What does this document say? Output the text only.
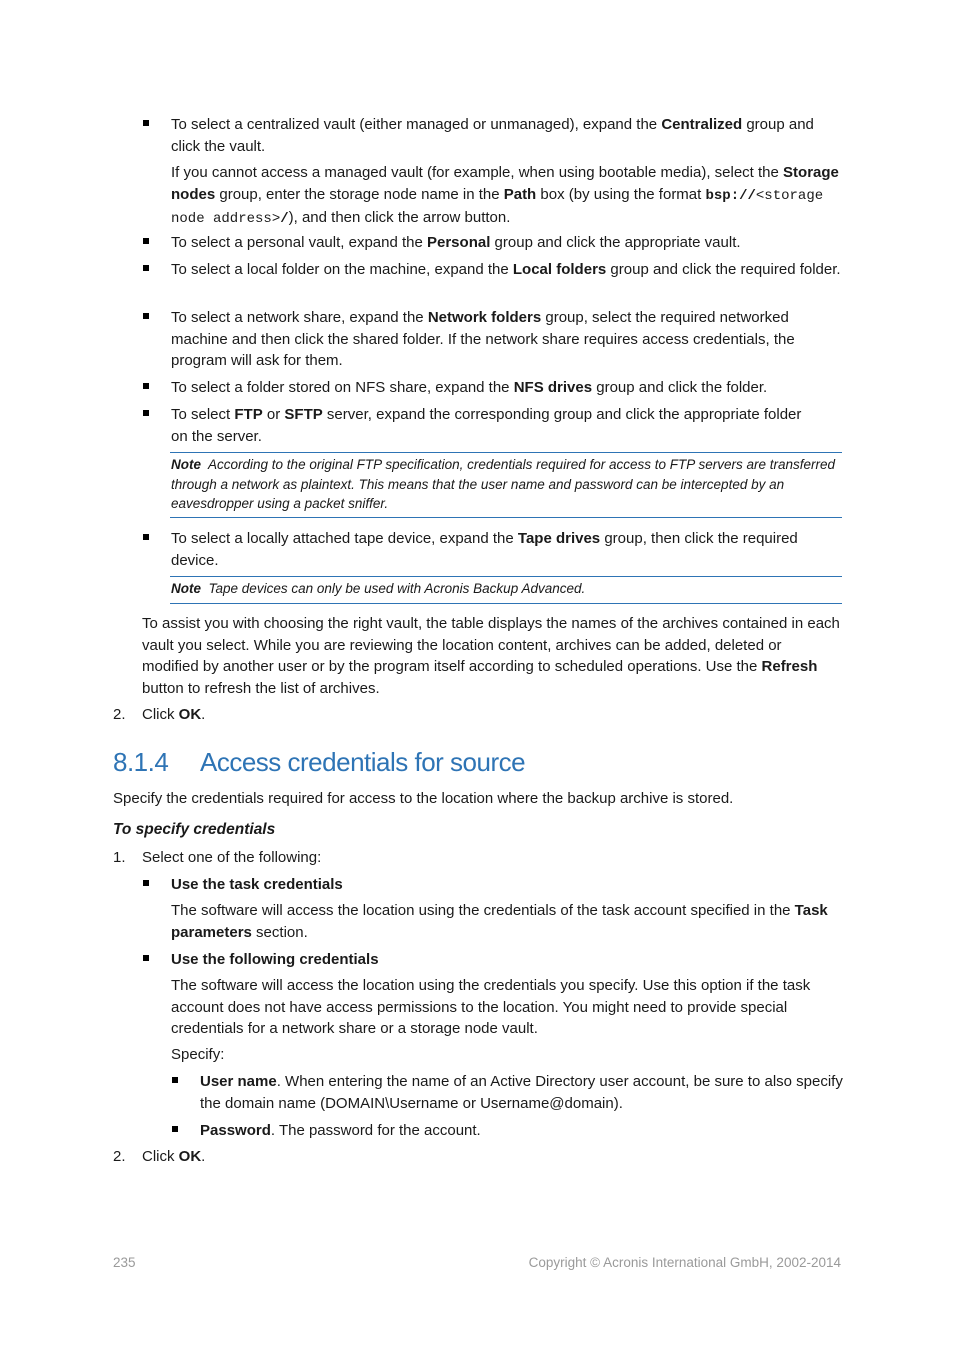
To select a centralized vault (either managed or unmanaged), expand the Centralized group and click the vault.

If you cannot access a managed vault (for example, when using bootable media), select the Storage nodes group, enter the storage node name in the Path box (by using the format bsp://<storage node address>/), and then click the arrow button.

To select a personal vault, expand the Personal group and click the appropriate vault.

To select a local folder on the machine, expand the Local folders group and click the required folder.

To select a network share, expand the Network folders group, select the required networked machine and then click the shared folder. If the network share requires access credentials, the program will ask for them.

To select a folder stored on NFS share, expand the NFS drives group and click the folder.

To select FTP or SFTP server, expand the corresponding group and click the appropriate folder on the server.

Note According to the original FTP specification, credentials required for access to FTP servers are transferred through a network as plaintext. This means that the user name and password can be intercepted by an eavesdropper using a packet sniffer.

To select a locally attached tape device, expand the Tape drives group, then click the required device.

Note Tape devices can only be used with Acronis Backup Advanced.

To assist you with choosing the right vault, the table displays the names of the archives contained in each vault you select. While you are reviewing the location content, archives can be added, deleted or modified by another user or by the program itself according to scheduled operations. Use the Refresh button to refresh the list of archives.

2. Click OK.

8.1.4 Access credentials for source

Specify the credentials required for access to the location where the backup archive is stored.

To specify credentials

1. Select one of the following:

Use the task credentials

The software will access the location using the credentials of the task account specified in the Task parameters section.

Use the following credentials

The software will access the location using the credentials you specify. Use this option if the task account does not have access permissions to the location. You might need to provide special credentials for a network share or a storage node vault.

Specify:

User name. When entering the name of an Active Directory user account, be sure to also specify the domain name (DOMAIN\Username or Username@domain).

Password. The password for the account.

2. Click OK.

235	Copyright © Acronis International GmbH, 2002-2014
